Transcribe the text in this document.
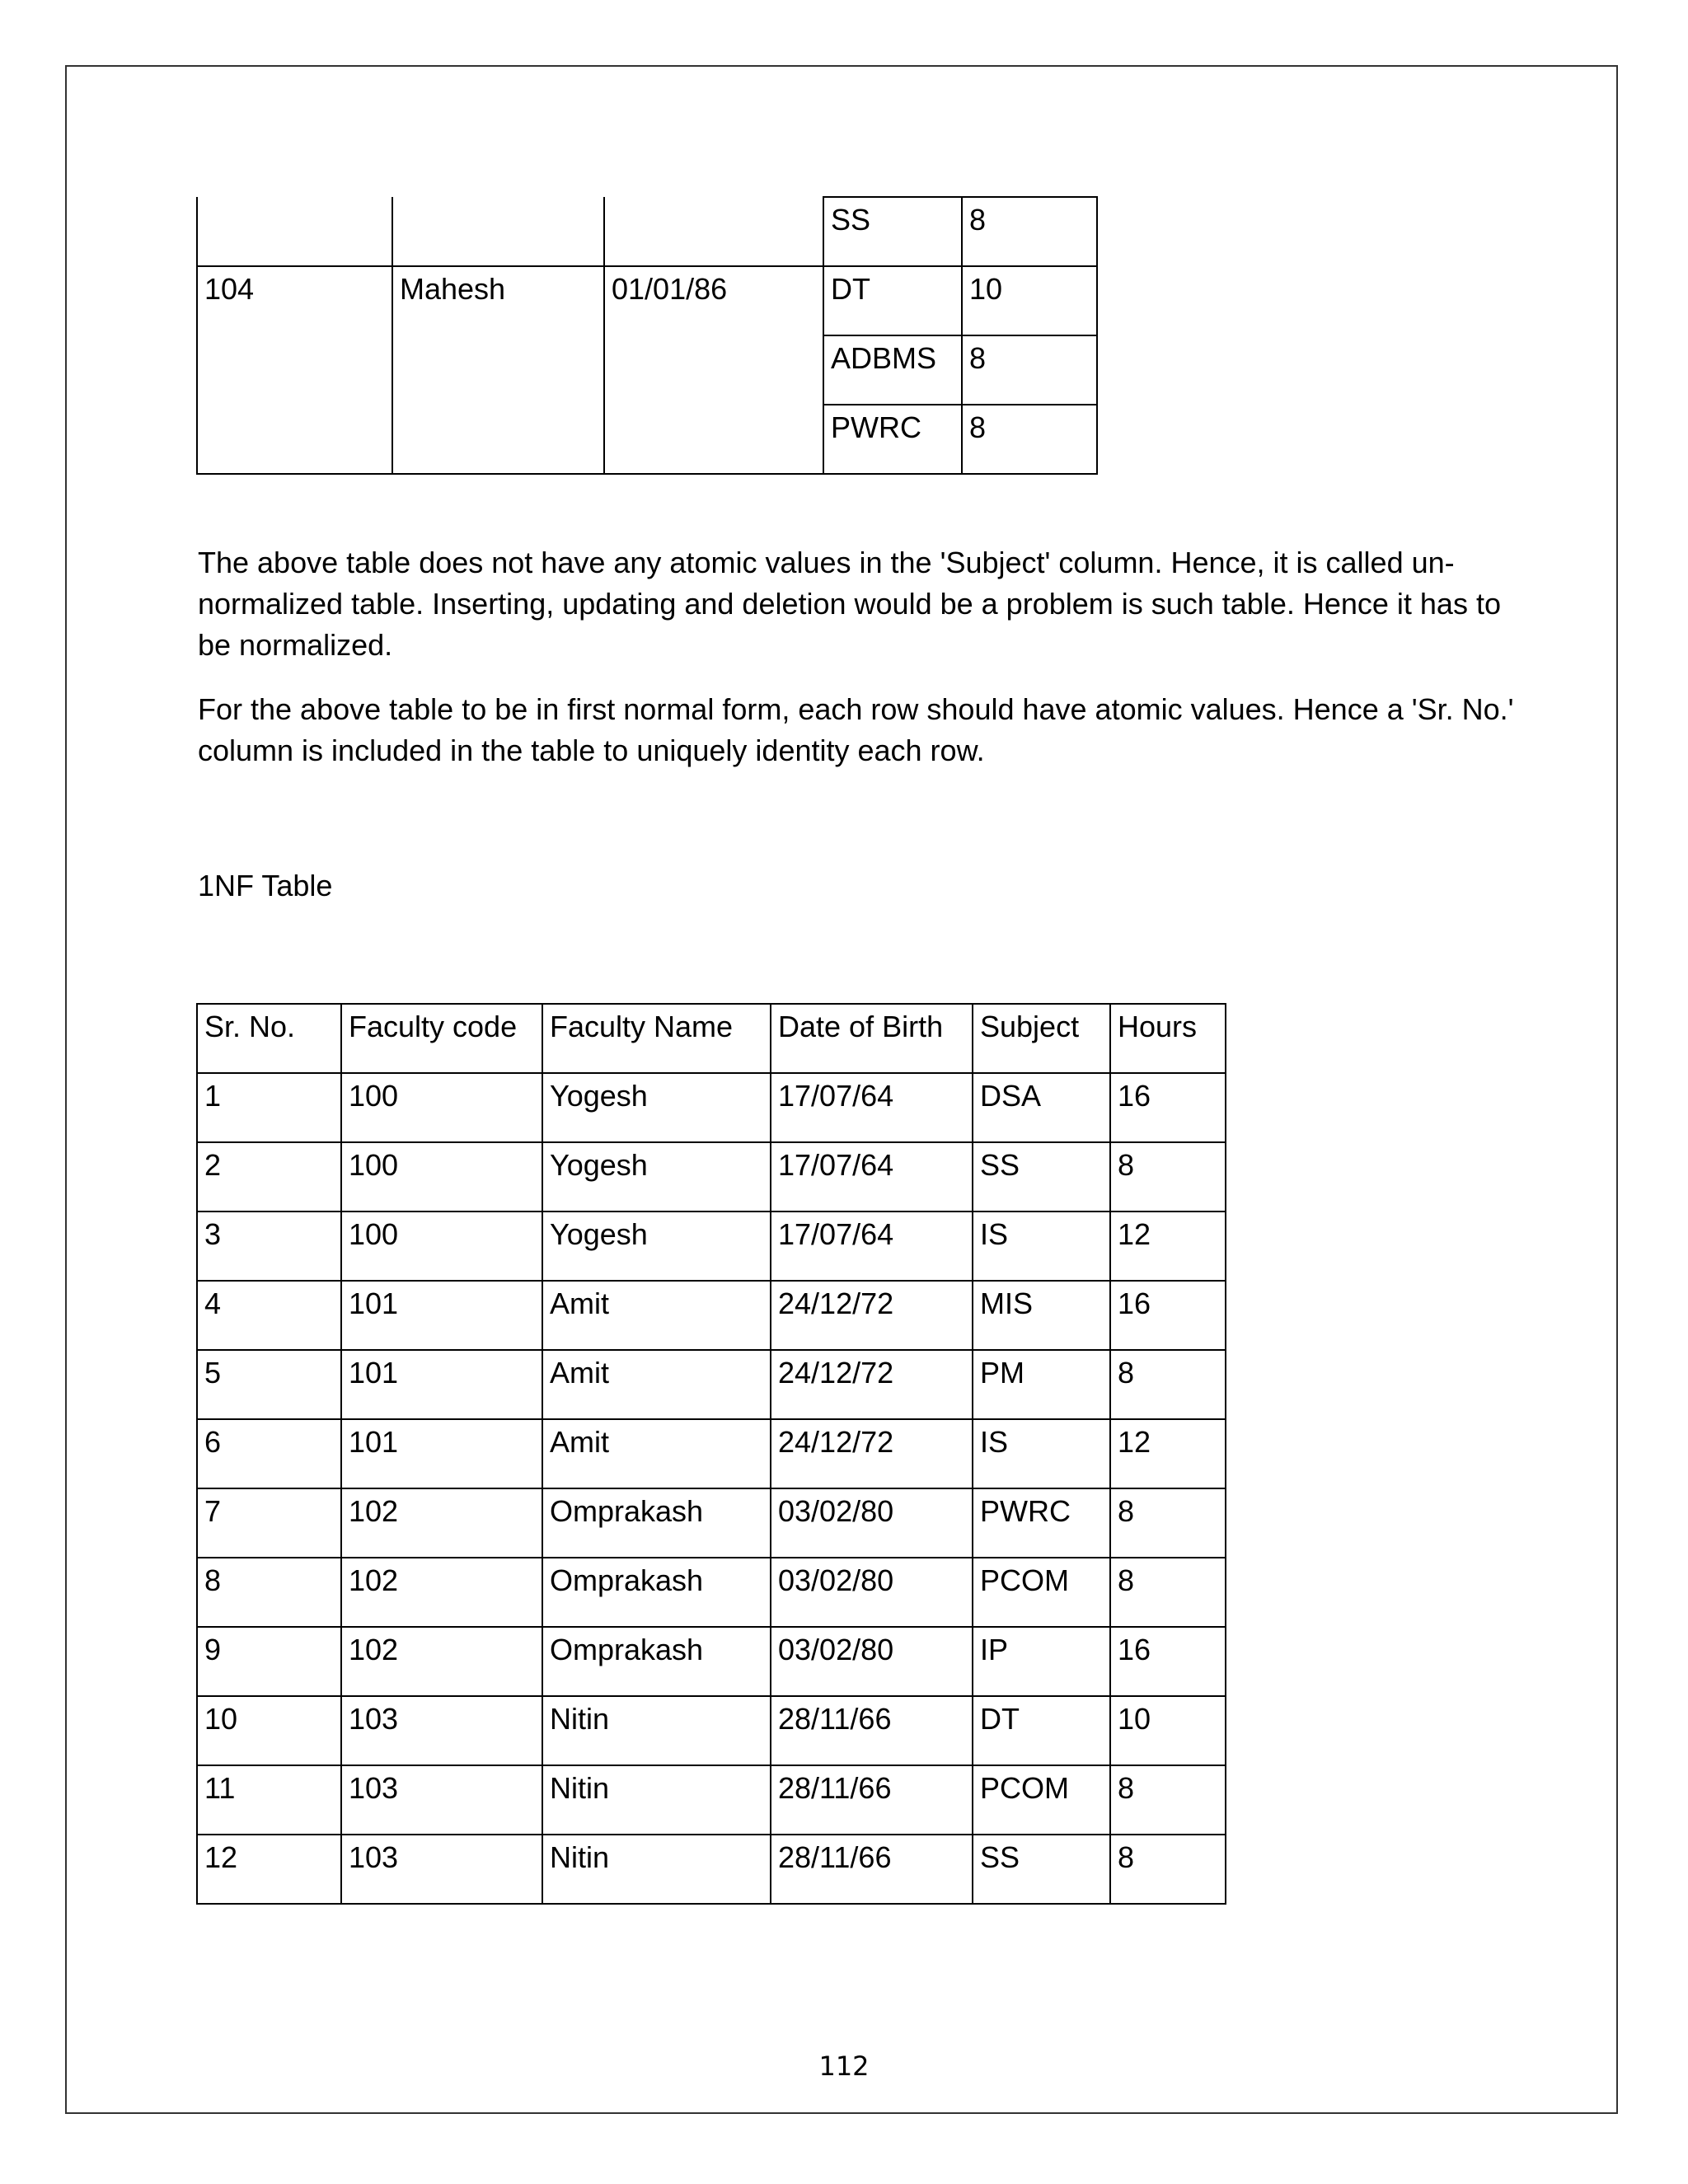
			SS	8
104	Mahesh	01/01/86	DT	10
			ADBMS	8
			PWRC	8

The above table does not have any atomic values in the 'Subject' column. Hence, it is called un-normalized table. Inserting, updating and deletion would be a problem is such table. Hence it has to be normalized.

For the above table to be in first normal form, each row should have atomic values. Hence a 'Sr. No.' column is included in the table to uniquely identity each row.

1NF Table

Sr. No.	Faculty code	Faculty Name	Date of Birth	Subject	Hours
1	100	Yogesh	17/07/64	DSA	16
2	100	Yogesh	17/07/64	SS	8
3	100	Yogesh	17/07/64	IS	12
4	101	Amit	24/12/72	MIS	16
5	101	Amit	24/12/72	PM	8
6	101	Amit	24/12/72	IS	12
7	102	Omprakash	03/02/80	PWRC	8
8	102	Omprakash	03/02/80	PCOM	8
9	102	Omprakash	03/02/80	IP	16
10	103	Nitin	28/11/66	DT	10
11	103	Nitin	28/11/66	PCOM	8
12	103	Nitin	28/11/66	SS	8
112
